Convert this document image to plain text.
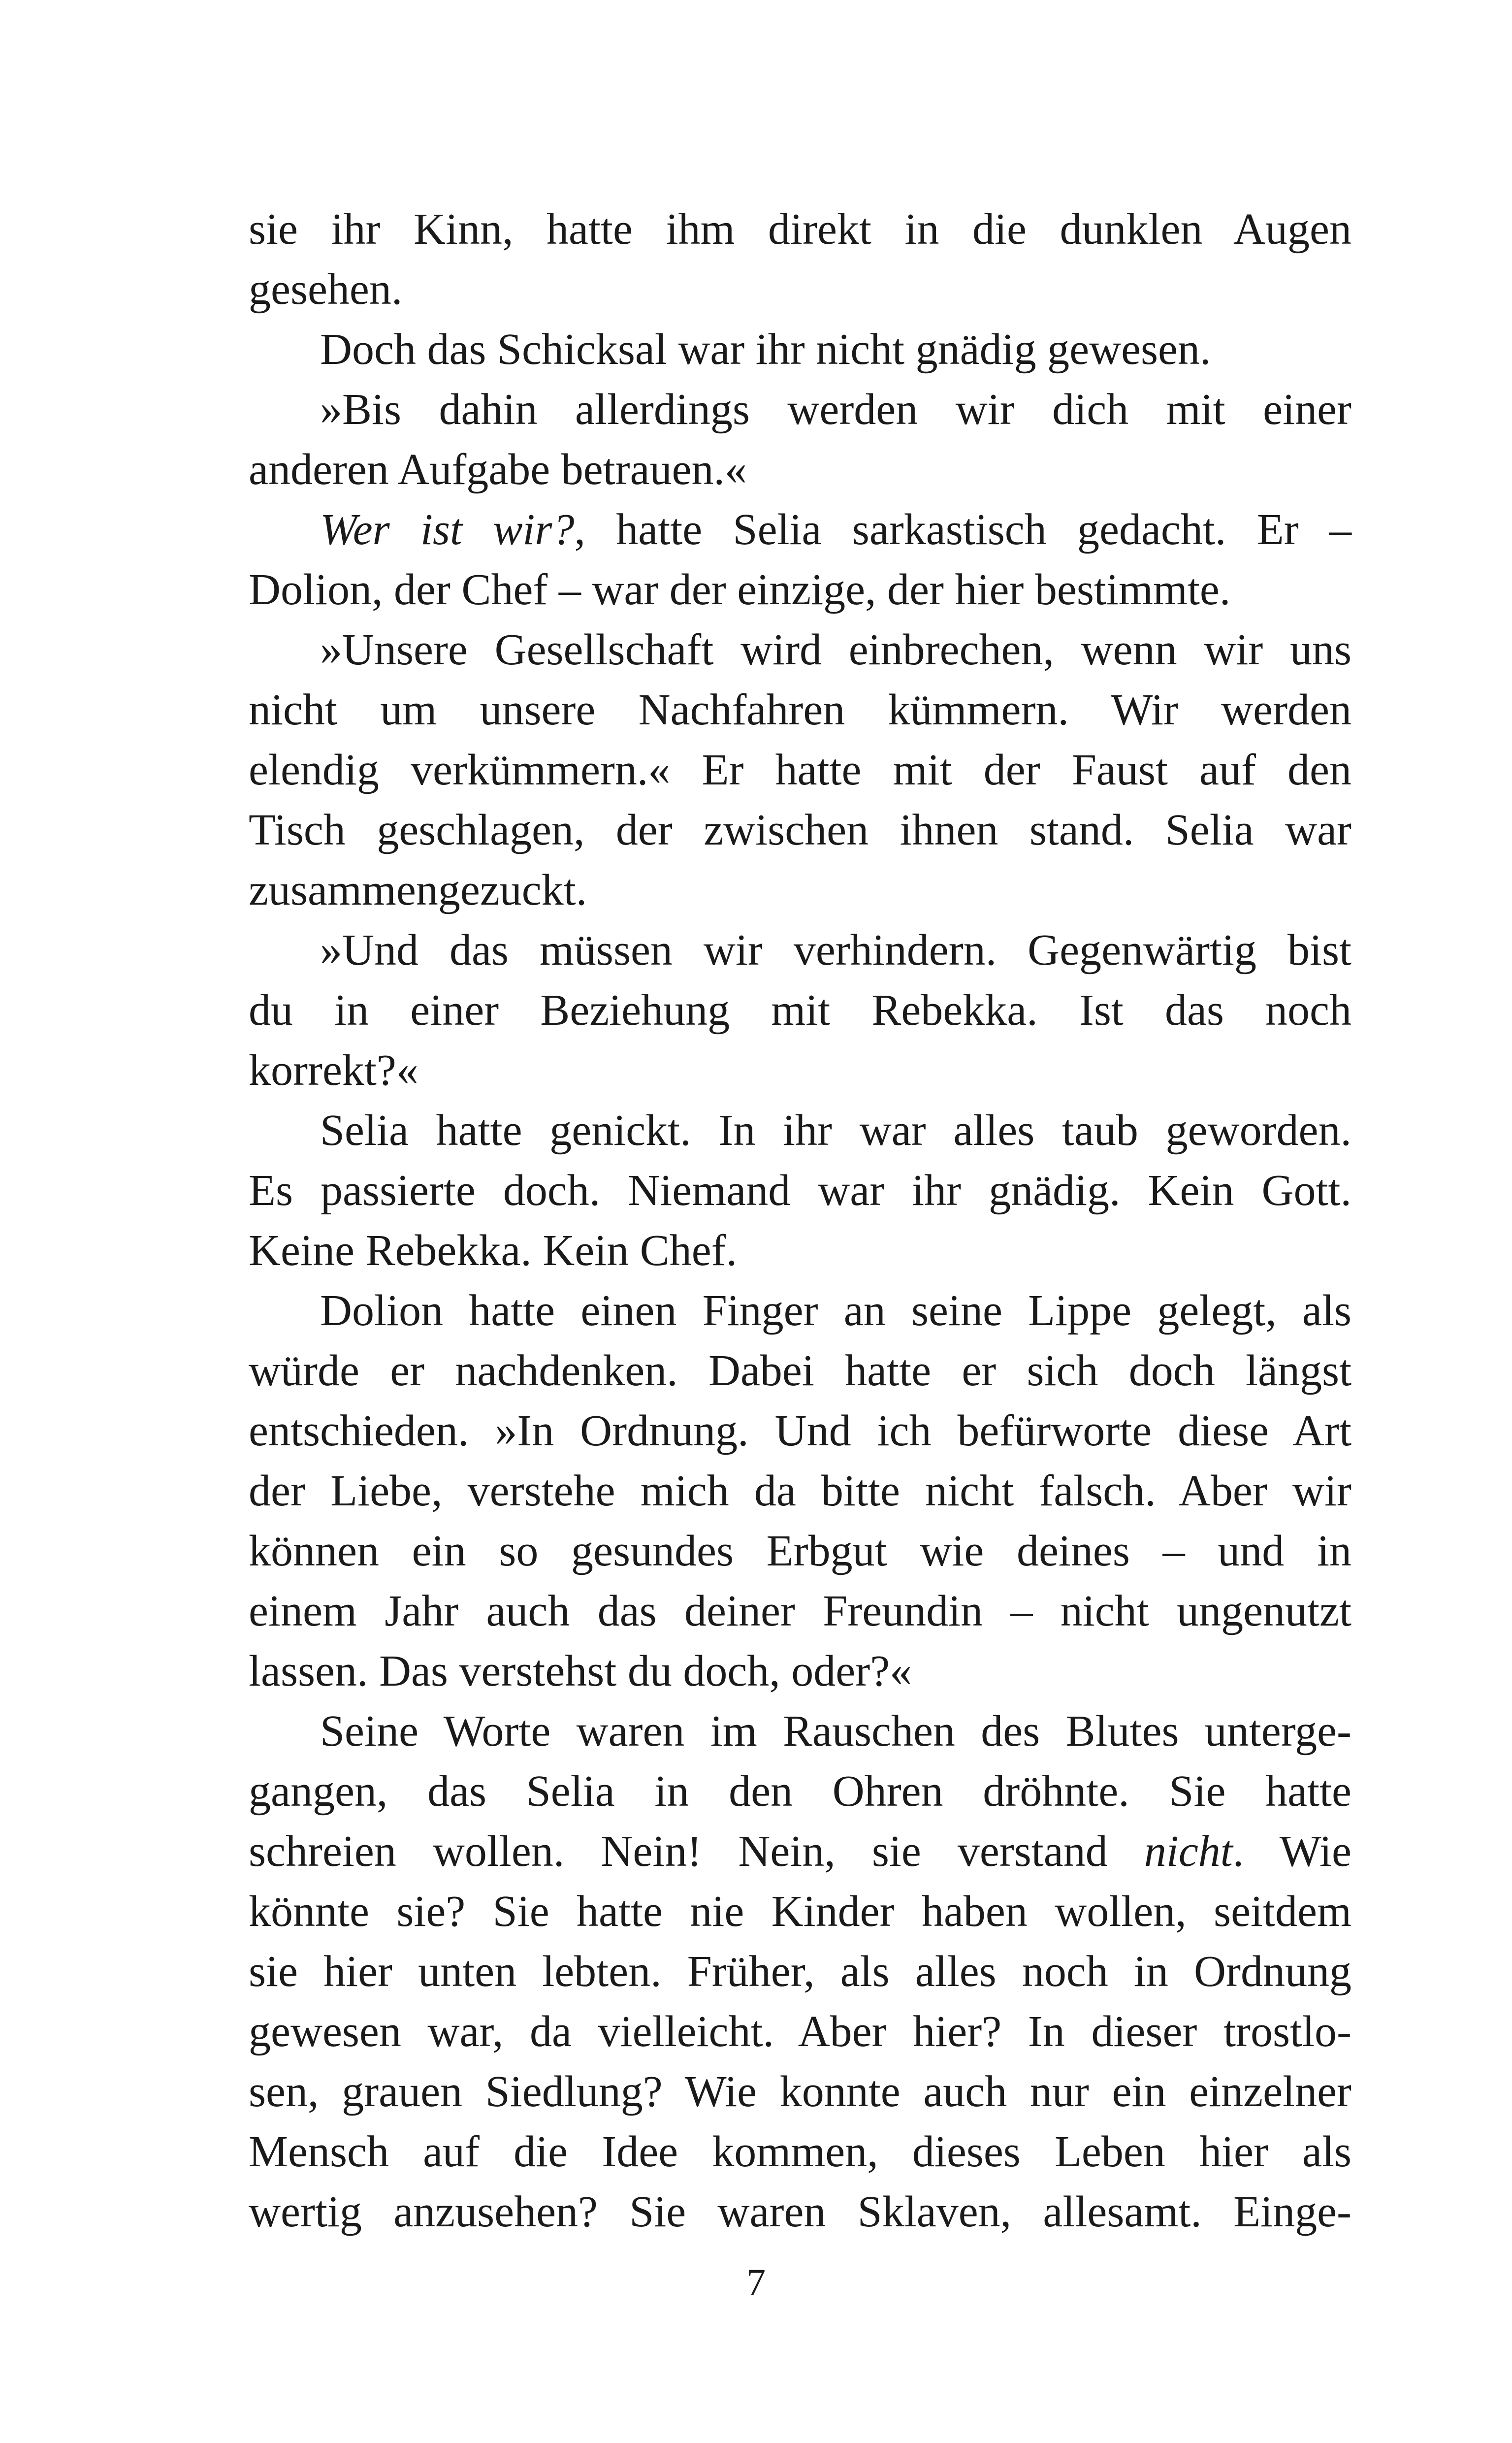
sie ihr Kinn, hatte ihm direkt in die dunklen Augen
gesehen.
Doch das Schicksal war ihr nicht gnädig gewesen.
»Bis dahin allerdings werden wir dich mit einer
anderen Aufgabe betrauen.«
Wer ist wir?, hatte Selia sarkastisch gedacht. Er –
Dolion, der Chef – war der einzige, der hier bestimmte.
»Unsere Gesellschaft wird einbrechen, wenn wir uns
nicht um unsere Nachfahren kümmern. Wir werden
elendig verkümmern.« Er hatte mit der Faust auf den
Tisch geschlagen, der zwischen ihnen stand. Selia war
zusammengezuckt.
»Und das müssen wir verhindern. Gegenwärtig bist
du in einer Beziehung mit Rebekka. Ist das noch
korrekt?«
Selia hatte genickt. In ihr war alles taub geworden.
Es passierte doch. Niemand war ihr gnädig. Kein Gott.
Keine Rebekka. Kein Chef.
Dolion hatte einen Finger an seine Lippe gelegt, als
würde er nachdenken. Dabei hatte er sich doch längst
entschieden. »In Ordnung. Und ich befürworte diese Art
der Liebe, verstehe mich da bitte nicht falsch. Aber wir
können ein so gesundes Erbgut wie deines – und in
einem Jahr auch das deiner Freundin – nicht ungenutzt
lassen. Das verstehst du doch, oder?«
Seine Worte waren im Rauschen des Blutes unterge-
gangen, das Selia in den Ohren dröhnte. Sie hatte
schreien wollen. Nein! Nein, sie verstand nicht. Wie
könnte sie? Sie hatte nie Kinder haben wollen, seitdem
sie hier unten lebten. Früher, als alles noch in Ordnung
gewesen war, da vielleicht. Aber hier? In dieser trostlo-
sen, grauen Siedlung? Wie konnte auch nur ein einzelner
Mensch auf die Idee kommen, dieses Leben hier als
wertig anzusehen? Sie waren Sklaven, allesamt. Einge-
7
